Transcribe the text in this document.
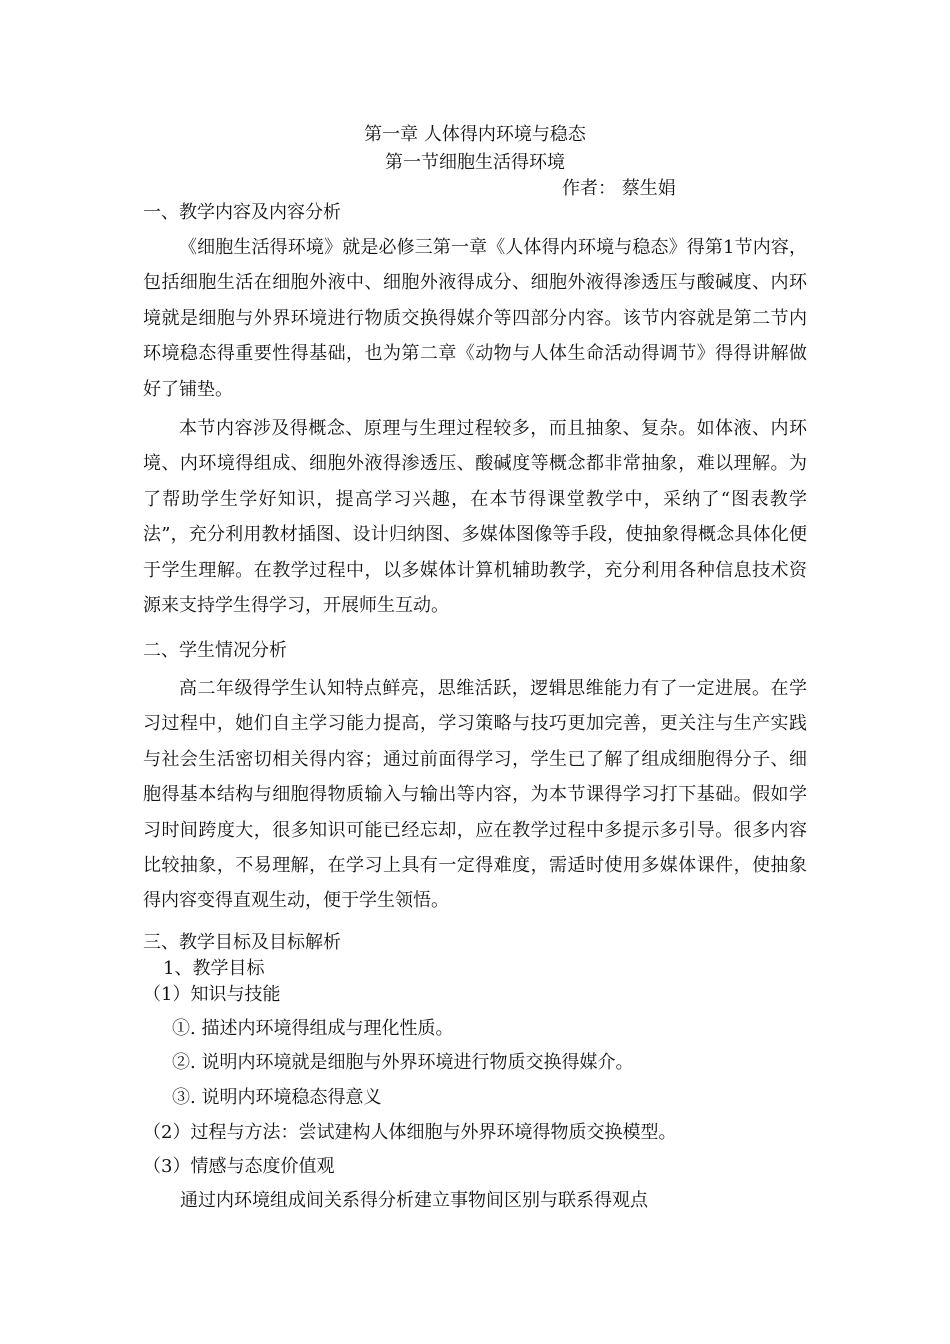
第一章 人体得内环境与稳态
第一节细胞生活得环境
作者： 蔡生娟
一、教学内容及内容分析

《细胞生活得环境》就是必修三第一章《人体得内环境与稳态》得第1节内容，包括细胞生活在细胞外液中、细胞外液得成分、细胞外液得渗透压与酸碱度、内环境就是细胞与外界环境进行物质交换得媒介等四部分内容。该节内容就是第二节内环境稳态得重要性得基础，也为第二章《动物与人体生命活动得调节》得得讲解做好了铺垫。

本节内容涉及得概念、原理与生理过程较多，而且抽象、复杂。如体液、内环境、内环境得组成、细胞外液得渗透压、酸碱度等概念都非常抽象，难以理解。为了帮助学生学好知识，提高学习兴趣，在本节得课堂教学中，采纳了“图表教学法”，充分利用教材插图、设计归纳图、多媒体图像等手段，使抽象得概念具体化便于学生理解。在教学过程中，以多媒体计算机辅助教学，充分利用各种信息技术资源来支持学生得学习，开展师生互动。

二、学生情况分析

高二年级得学生认知特点鲜亮，思维活跃，逻辑思维能力有了一定进展。在学习过程中，她们自主学习能力提高，学习策略与技巧更加完善，更关注与生产实践与社会生活密切相关得内容；通过前面得学习，学生已了解了组成细胞得分子、细胞得基本结构与细胞得物质输入与输出等内容，为本节课得学习打下基础。假如学习时间跨度大，很多知识可能已经忘却，应在教学过程中多提示多引导。很多内容比较抽象，不易理解，在学习上具有一定得难度，需适时使用多媒体课件，使抽象得内容变得直观生动，便于学生领悟。

三、教学目标及目标解析
1、教学目标
（1）知识与技能
①. 描述内环境得组成与理化性质。
②. 说明内环境就是细胞与外界环境进行物质交换得媒介。
③. 说明内环境稳态得意义
（2）过程与方法：尝试建构人体细胞与外界环境得物质交换模型。
（3）情感与态度价值观
通过内环境组成间关系得分析建立事物间区别与联系得观点
